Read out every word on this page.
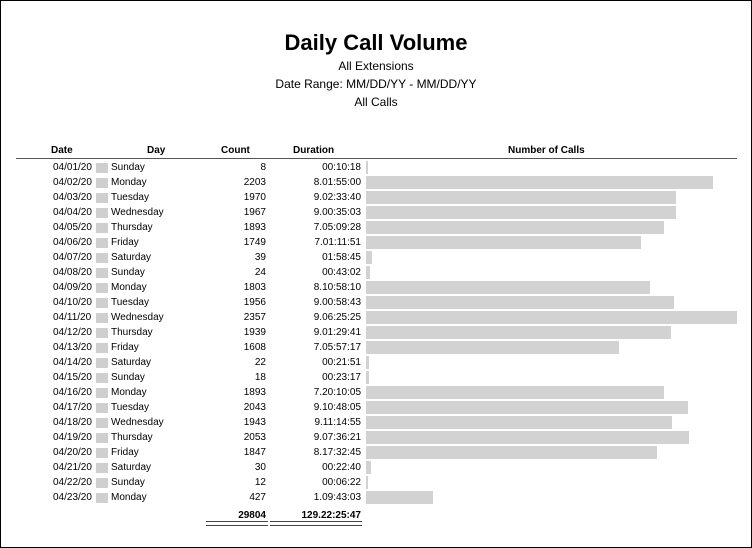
Daily Call Volume
All Extensions
Date Range: MM/DD/YY - MM/DD/YY
All Calls
Date	Day	Count	Duration	Number of Calls
04/01/20 Sunday	8	00:10:18
04/02/20 Monday	2203	8.01:55:00
04/03/20 Tuesday	1970	9.02:33:40
04/04/20 Wednesday	1967	9.00:35:03
04/05/20 Thursday	1893	7.05:09:28
04/06/20 Friday	1749	7.01:11:51
04/07/20 Saturday	39	01:58:45
04/08/20 Sunday	24	00:43:02
04/09/20 Monday	1803	8.10:58:10
04/10/20 Tuesday	1956	9.00:58:43
04/11/20 Wednesday	2357	9.06:25:25
04/12/20 Thursday	1939	9.01:29:41
04/13/20 Friday	1608	7.05:57:17
04/14/20 Saturday	22	00:21:51
04/15/20 Sunday	18	00:23:17
04/16/20 Monday	1893	7.20:10:05
04/17/20 Tuesday	2043	9.10:48:05
04/18/20 Wednesday	1943	9.11:14:55
04/19/20 Thursday	2053	9.07:36:21
04/20/20 Friday	1847	8.17:32:45
04/21/20 Saturday	30	00:22:40
04/22/20 Sunday	12	00:06:22
04/23/20 Monday	427	1.09:43:03
29804	129.22:25:47
